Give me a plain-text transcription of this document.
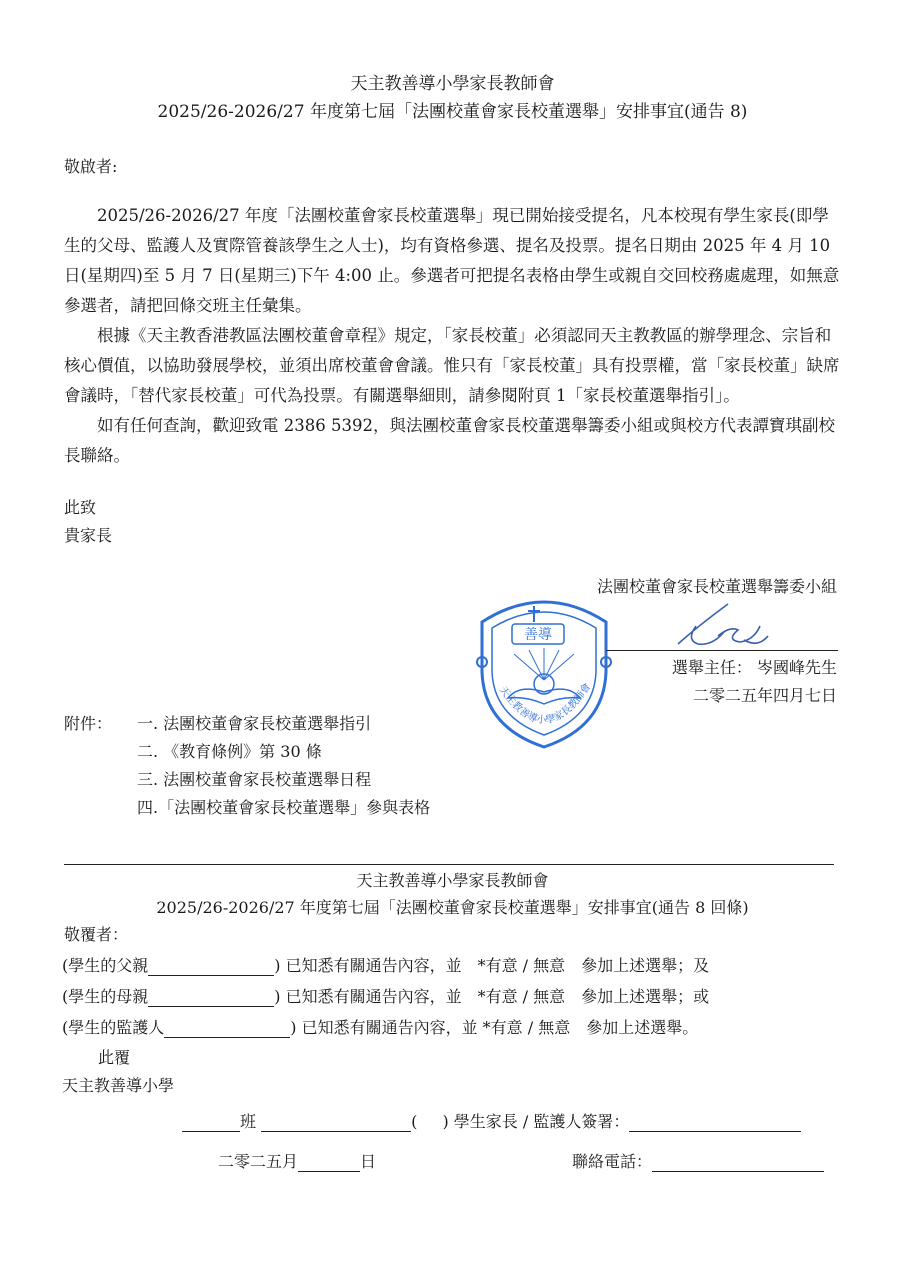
天主教善導小學家長教師會
2025/26-2026/27 年度第七屆「法團校董會家長校董選舉」安排事宜(通告 8)
敬啟者:

2025/26-2026/27 年度「法團校董會家長校董選舉」現已開始接受提名，凡本校現有學生家長(即學生的父母、監護人及實際管養該學生之人士)，均有資格參選、提名及投票。提名日期由 2025 年 4 月 10 日(星期四)至 5 月 7 日(星期三)下午 4:00 止。參選者可把提名表格由學生或親自交回校務處處理，如無意參選者，請把回條交班主任彙集。

根據《天主教香港教區法團校董會章程》規定，「家長校董」必須認同天主教教區的辦學理念、宗旨和核心價值，以協助發展學校，並須出席校董會會議。惟只有「家長校董」具有投票權，當「家長校董」缺席會議時，「替代家長校董」可代為投票。有關選舉細則，請參閱附頁 1「家長校董選舉指引」。

如有任何查詢，歡迎致電 2386 5392，與法團校董會家長校董選舉籌委小組或與校方代表譚寶琪副校長聯絡。

此致
貴家長
法團校董會家長校董選舉籌委小組
善導
天主教善導小學家長教師會
選舉主任： 岑國峰先生
二零二五年四月七日
附件： 一. 法團校董會家長校董選舉指引
二. 《教育條例》第 30 條
三. 法團校董會家長校董選舉日程
四.「法團校董會家長校董選舉」參與表格
天主教善導小學家長教師會
2025/26-2026/27 年度第七屆「法團校董會家長校董選舉」安排事宜(通告 8 回條)
敬覆者：
(學生的父親	) 已知悉有關通告內容，並　*有意 / 無意　參加上述選舉；及
(學生的母親	) 已知悉有關通告內容，並　*有意 / 無意　參加上述選舉；或
(學生的監護人	) 已知悉有關通告內容，並 *有意 / 無意　參加上述選舉。
此覆
天主教善導小學
班	( ) 學生家長 / 監護人簽署：
二零二五月	日	聯絡電話：
